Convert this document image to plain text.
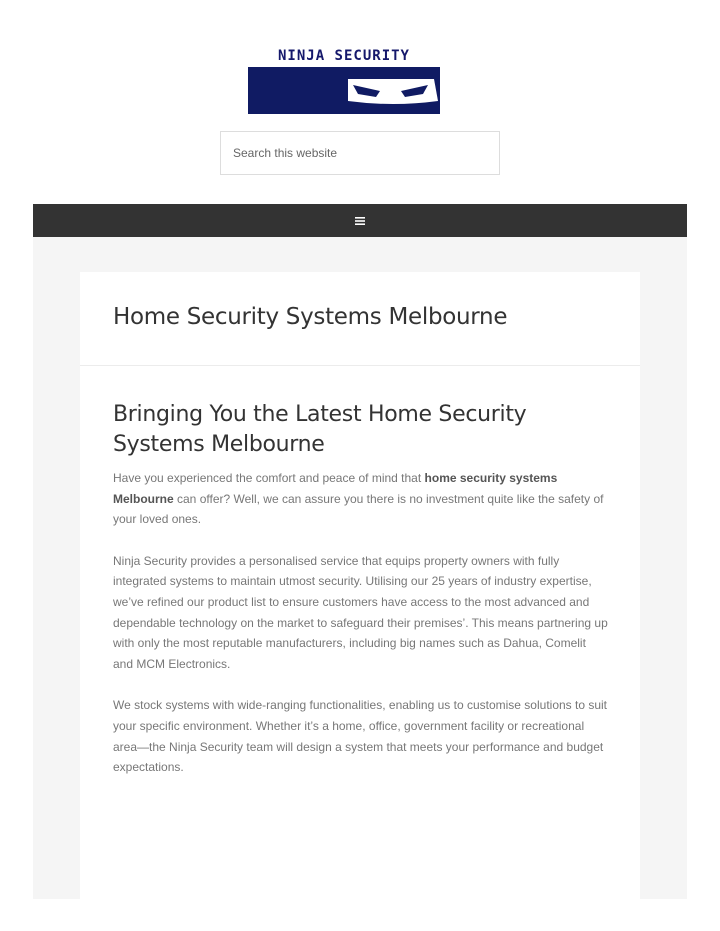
NINJA SECURITY
Search this website
Home Security Systems Melbourne
Bringing You the Latest Home Security Systems Melbourne

Have you experienced the comfort and peace of mind that home security systems Melbourne can offer? Well, we can assure you there is no investment quite like the safety of your loved ones.

Ninja Security provides a personalised service that equips property owners with fully integrated systems to maintain utmost security. Utilising our 25 years of industry expertise, we’ve refined our product list to ensure customers have access to the most advanced and dependable technology on the market to safeguard their premises’. This means partnering up with only the most reputable manufacturers, including big names such as Dahua, Comelit and MCM Electronics.

We stock systems with wide-ranging functionalities, enabling us to customise solutions to suit your specific environment. Whether it’s a home, office, government facility or recreational area—the Ninja Security team will design a system that meets your performance and budget expectations.
